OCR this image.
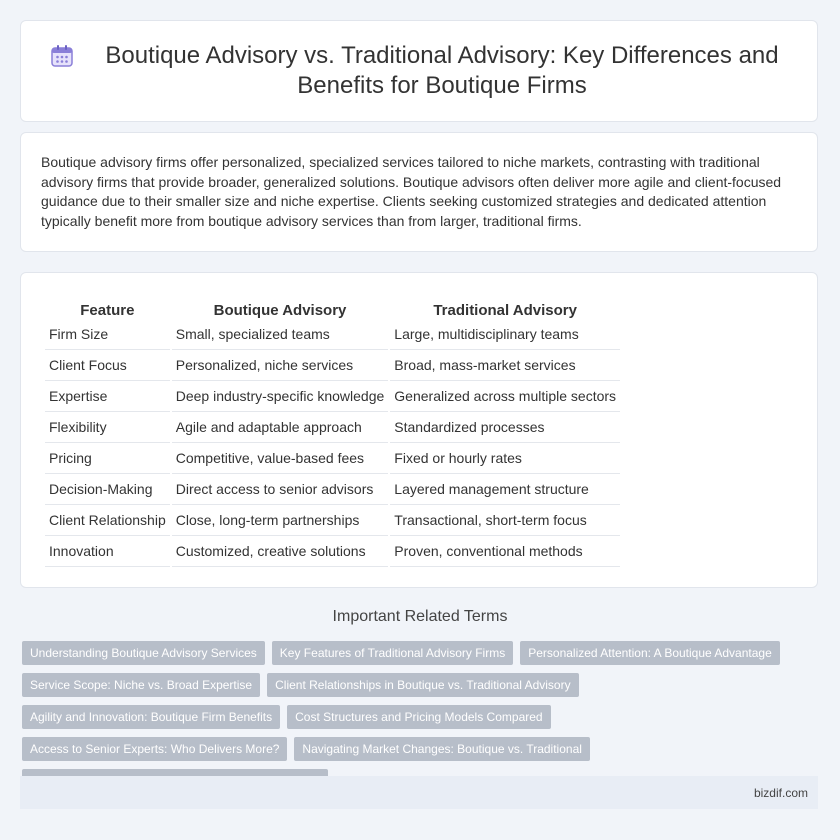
Boutique Advisory vs. Traditional Advisory: Key Differences and Benefits for Boutique Firms

Boutique advisory firms offer personalized, specialized services tailored to niche markets, contrasting with traditional advisory firms that provide broader, generalized solutions. Boutique advisors often deliver more agile and client-focused guidance due to their smaller size and niche expertise. Clients seeking customized strategies and dedicated attention typically benefit more from boutique advisory services than from larger, traditional firms.

Feature	Boutique Advisory	Traditional Advisory
Firm Size	Small, specialized teams	Large, multidisciplinary teams
Client Focus	Personalized, niche services	Broad, mass-market services
Expertise	Deep industry-specific knowledge	Generalized across multiple sectors
Flexibility	Agile and adaptable approach	Standardized processes
Pricing	Competitive, value-based fees	Fixed or hourly rates
Decision-Making	Direct access to senior advisors	Layered management structure
Client Relationship	Close, long-term partnerships	Transactional, short-term focus
Innovation	Customized, creative solutions	Proven, conventional methods
Important Related Terms
Understanding Boutique Advisory Services	Key Features of Traditional Advisory Firms	Personalized Attention: A Boutique Advantage
Service Scope: Niche vs. Broad Expertise	Client Relationships in Boutique vs. Traditional Advisory
Agility and Innovation: Boutique Firm Benefits	Cost Structures and Pricing Models Compared
Access to Senior Experts: Who Delivers More?	Navigating Market Changes: Boutique vs. Traditional
bizdif.com
